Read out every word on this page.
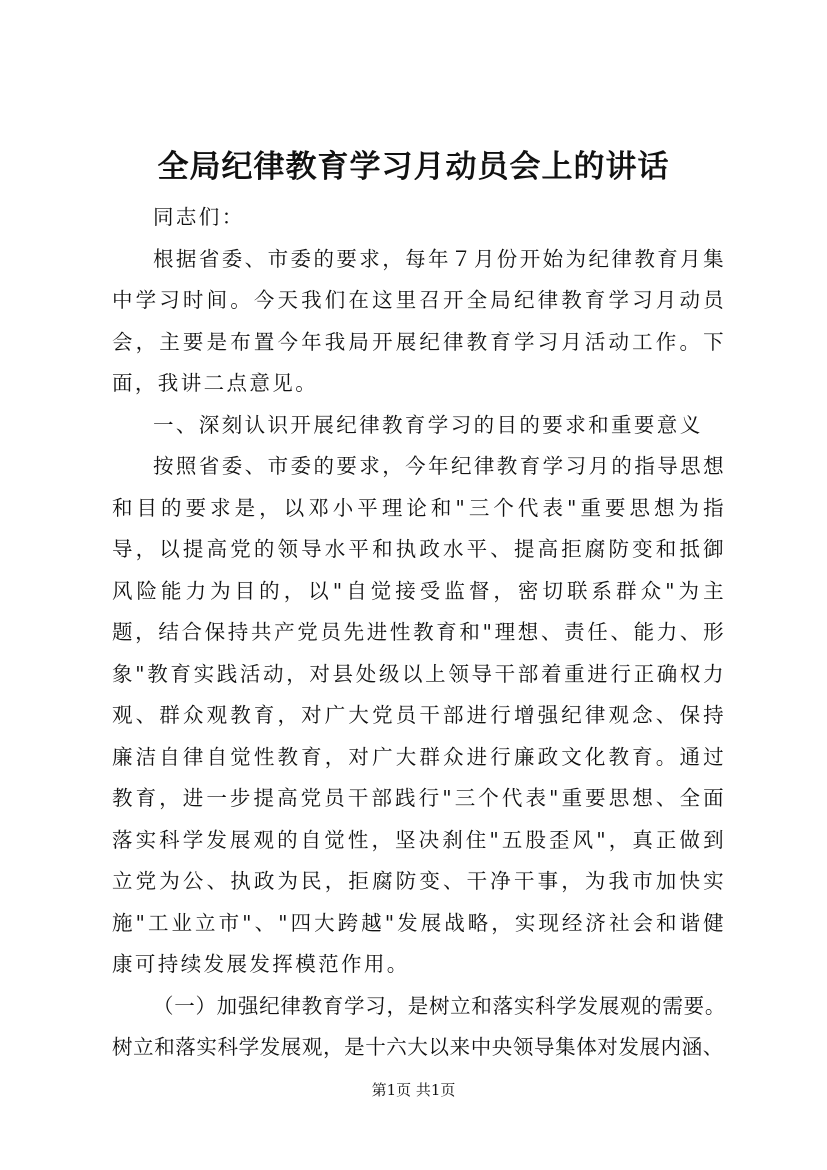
全局纪律教育学习月动员会上的讲话

同志们：

根据省委、市委的要求，每年７月份开始为纪律教育月集中学习时间。今天我们在这里召开全局纪律教育学习月动员会，主要是布置今年我局开展纪律教育学习月活动工作。下面，我讲二点意见。

一、深刻认识开展纪律教育学习的目的要求和重要意义

按照省委、市委的要求，今年纪律教育学习月的指导思想和目的要求是，以邓小平理论和"三个代表"重要思想为指导，以提高党的领导水平和执政水平、提高拒腐防变和抵御风险能力为目的，以"自觉接受监督，密切联系群众"为主题，结合保持共产党员先进性教育和"理想、责任、能力、形象"教育实践活动，对县处级以上领导干部着重进行正确权力观、群众观教育，对广大党员干部进行增强纪律观念、保持廉洁自律自觉性教育，对广大群众进行廉政文化教育。通过教育，进一步提高党员干部践行"三个代表"重要思想、全面落实科学发展观的自觉性，坚决刹住"五股歪风"，真正做到立党为公、执政为民，拒腐防变、干净干事，为我市加快实施"工业立市"、"四大跨越"发展战略，实现经济社会和谐健康可持续发展发挥模范作用。

（一）加强纪律教育学习，是树立和落实科学发展观的需要。树立和落实科学发展观，是十六大以来中央领导集体对发展内涵、

第1页 共1页
